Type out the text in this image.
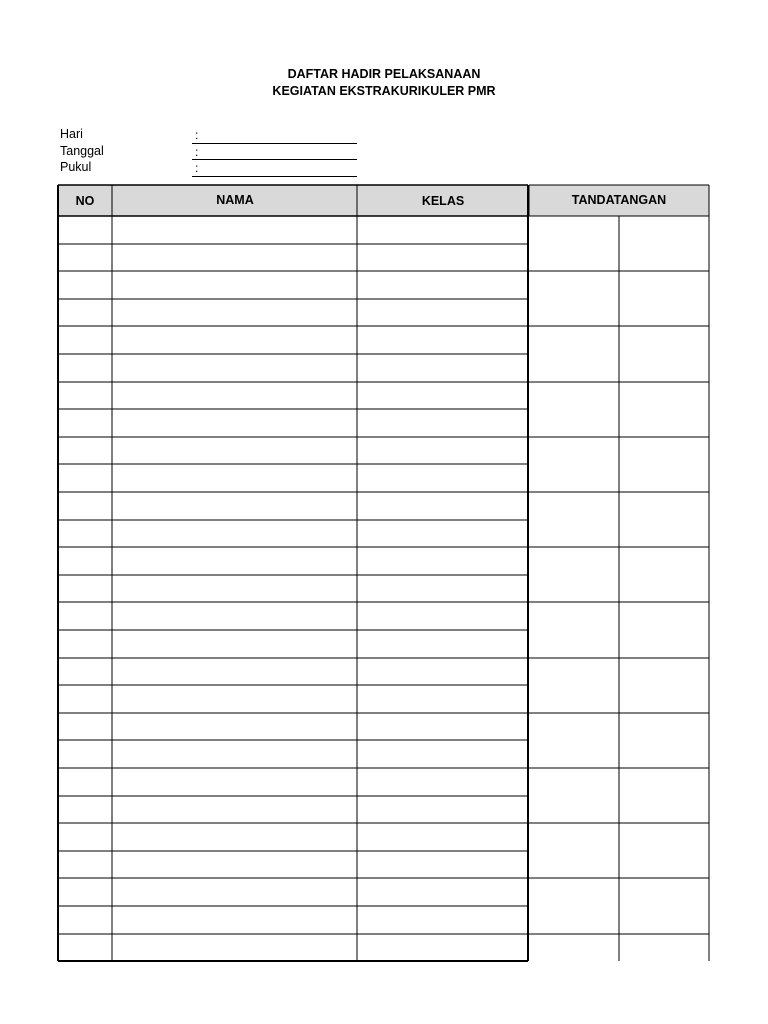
DAFTAR HADIR PELAKSANAAN
KEGIATAN EKSTRAKURIKULER PMR
Hari	:
Tanggal	:
Pukul	:
NO	NAMA	KELAS	TANDATANGAN
